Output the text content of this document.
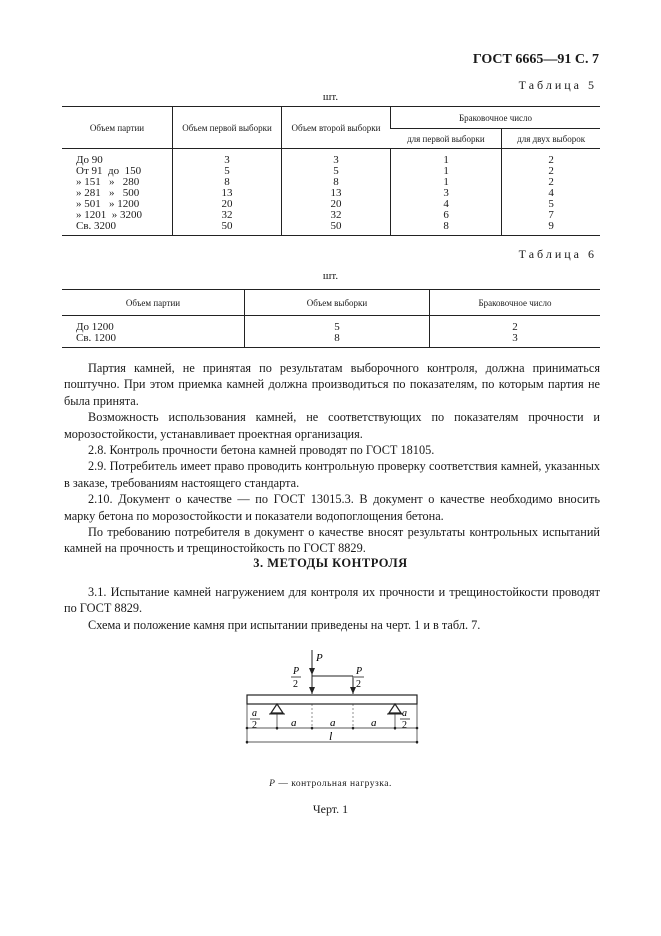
ГОСТ 6665—91 С. 7
Таблица 5
шт.
Объем партии	Объем первой выборки	Объем второй выборки	Браковочное число	
			для первой выборки	для двух выборок
До 90	3	3	1	2
От 91  до  150	5	5	1	2
» 151   »   280	8	8	1	2
» 281   »   500	13	13	3	4
» 501   » 1200	20	20	4	5
» 1201  » 3200	32	32	6	7
Св. 3200	50	50	8	9
Таблица 6
шт.
Объем партии	Объем выборки	Браковочное число
До 1200	5	2
Св. 1200	8	3

Партия камней, не принятая по результатам выборочного контроля, должна приниматься поштучно. При этом приемка камней должна производиться по показателям, по которым партия не была принята.

Возможность использования камней, не соответствующих по показателям прочности и морозостойкости, устанавливает проектная организация.

2.8. Контроль прочности бетона камней проводят по ГОСТ 18105.

2.9. Потребитель имеет право проводить контрольную проверку соответствия камней, указанных в заказе, требованиям настоящего стандарта.

2.10. Документ о качестве — по ГОСТ 13015.3. В документ о качестве необходимо вносить марку бетона по морозостойкости и показатели водопоглощения бетона.

По требованию потребителя в документ о качестве вносят результаты контрольных испытаний камней на прочность и трещиностойкость по ГОСТ 8829.

3. МЕТОДЫ КОНТРОЛЯ

3.1. Испытание камней нагружением для контроля их прочности и трещиностойкости проводят по ГОСТ 8829.

Схема и положение камня при испытании приведены на черт. 1 и в табл. 7.

P
P
2
P
2
a
2
a
2
a	a	a
l
P — контрольная нагрузка.
Черт. 1
